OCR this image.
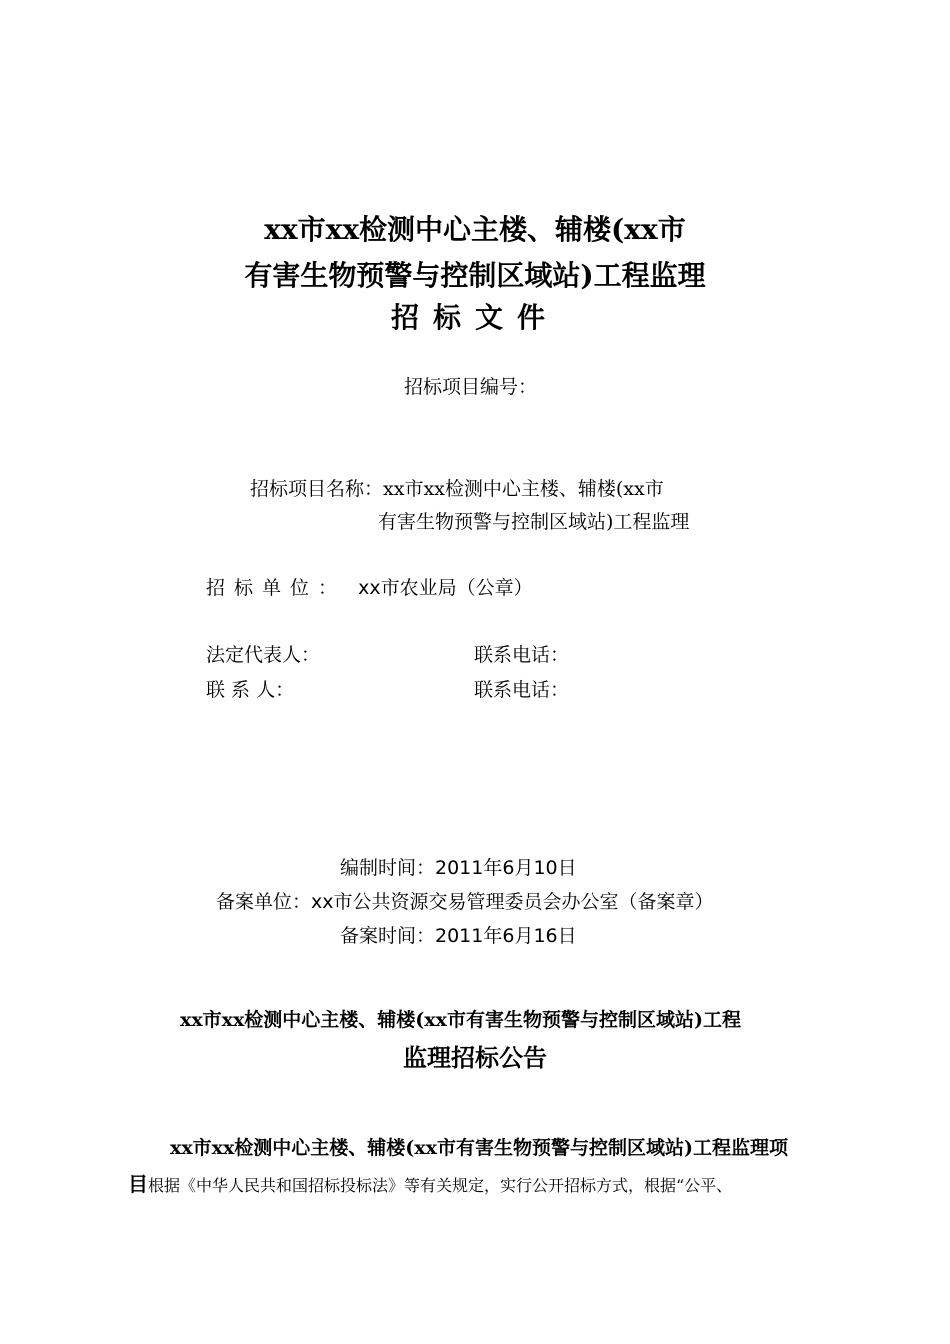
xx市xx检测中心主楼、辅楼(xx市
有害生物预警与控制区域站)工程监理
招标文件
招标项目编号：
招标项目名称：xx市xx检测中心主楼、辅楼(xx市
有害生物预警与控制区域站)工程监理
招标单位： xx市农业局（公章）
法定代表人：	联系电话：
联 系 人：	联系电话：
编制时间：2011年6月10日
备案单位：xx市公共资源交易管理委员会办公室（备案章）
备案时间：2011年6月16日
xx市xx检测中心主楼、辅楼(xx市有害生物预警与控制区域站)工程
监理招标公告
xx市xx检测中心主楼、辅楼(xx市有害生物预警与控制区域站)工程监理项
目根据《中华人民共和国招标投标法》等有关规定，实行公开招标方式，根据“公平、
